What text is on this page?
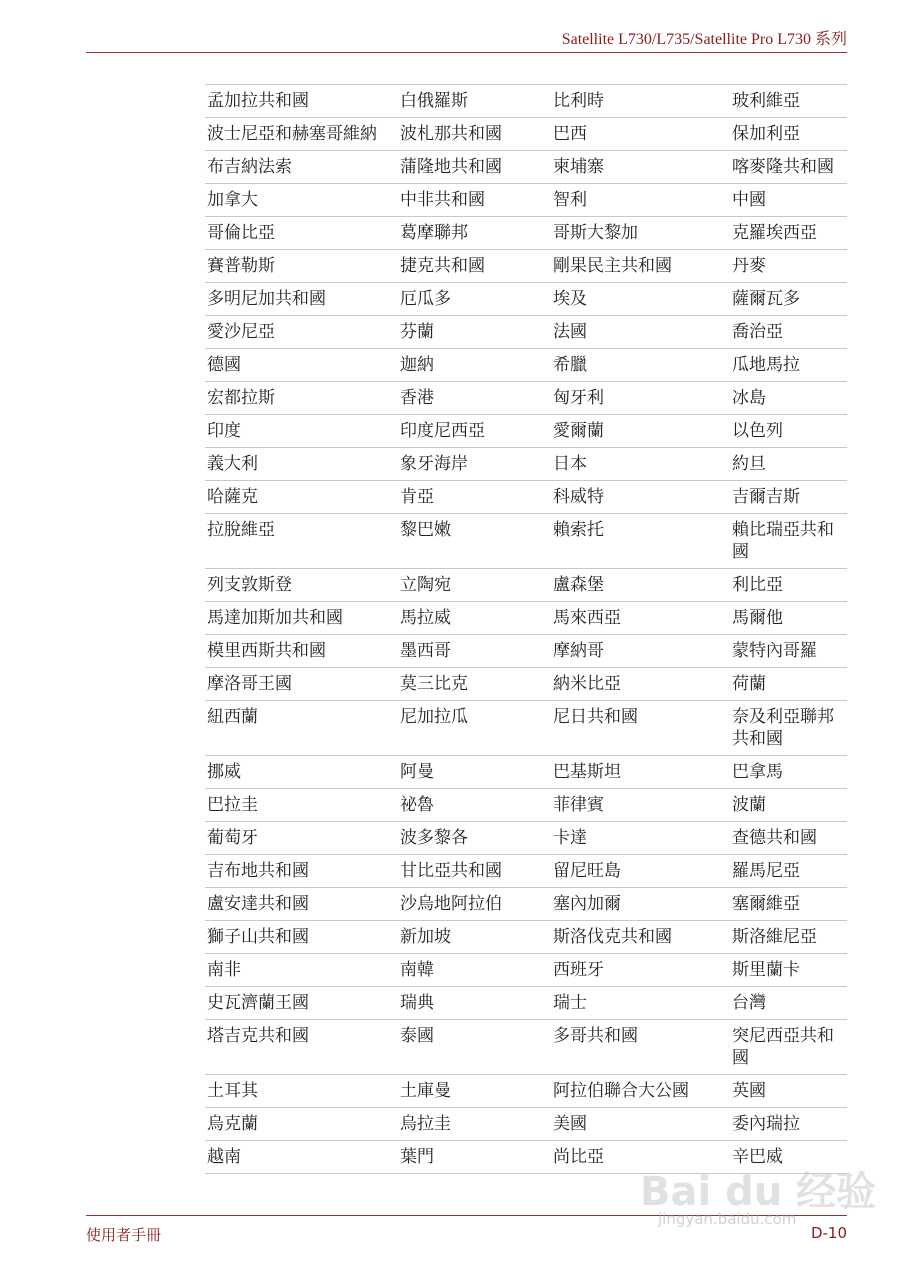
Satellite L730/L735/Satellite Pro L730 系列
孟加拉共和國	白俄羅斯	比利時	玻利維亞
波士尼亞和赫塞哥維納	波札那共和國	巴西	保加利亞
布吉納法索	蒲隆地共和國	柬埔寨	喀麥隆共和國
加拿大	中非共和國	智利	中國
哥倫比亞	葛摩聯邦	哥斯大黎加	克羅埃西亞
賽普勒斯	捷克共和國	剛果民主共和國	丹麥
多明尼加共和國	厄瓜多	埃及	薩爾瓦多
愛沙尼亞	芬蘭	法國	喬治亞
德國	迦納	希臘	瓜地馬拉
宏都拉斯	香港	匈牙利	冰島
印度	印度尼西亞	愛爾蘭	以色列
義大利	象牙海岸	日本	約旦
哈薩克	肯亞	科威特	吉爾吉斯
拉脫維亞	黎巴嫩	賴索托	賴比瑞亞共和國
列支敦斯登	立陶宛	盧森堡	利比亞
馬達加斯加共和國	馬拉威	馬來西亞	馬爾他
模里西斯共和國	墨西哥	摩納哥	蒙特內哥羅
摩洛哥王國	莫三比克	納米比亞	荷蘭
紐西蘭	尼加拉瓜	尼日共和國	奈及利亞聯邦共和國
挪威	阿曼	巴基斯坦	巴拿馬
巴拉圭	祕魯	菲律賓	波蘭
葡萄牙	波多黎各	卡達	查德共和國
吉布地共和國	甘比亞共和國	留尼旺島	羅馬尼亞
盧安達共和國	沙烏地阿拉伯	塞內加爾	塞爾維亞
獅子山共和國	新加坡	斯洛伐克共和國	斯洛維尼亞
南非	南韓	西班牙	斯里蘭卡
史瓦濟蘭王國	瑞典	瑞士	台灣
塔吉克共和國	泰國	多哥共和國	突尼西亞共和國
土耳其	土庫曼	阿拉伯聯合大公國	英國
烏克蘭	烏拉圭	美國	委內瑞拉
越南	葉門	尚比亞	辛巴威
使用者手冊	D-10
Bai du 经验
jingyan.baidu.com
